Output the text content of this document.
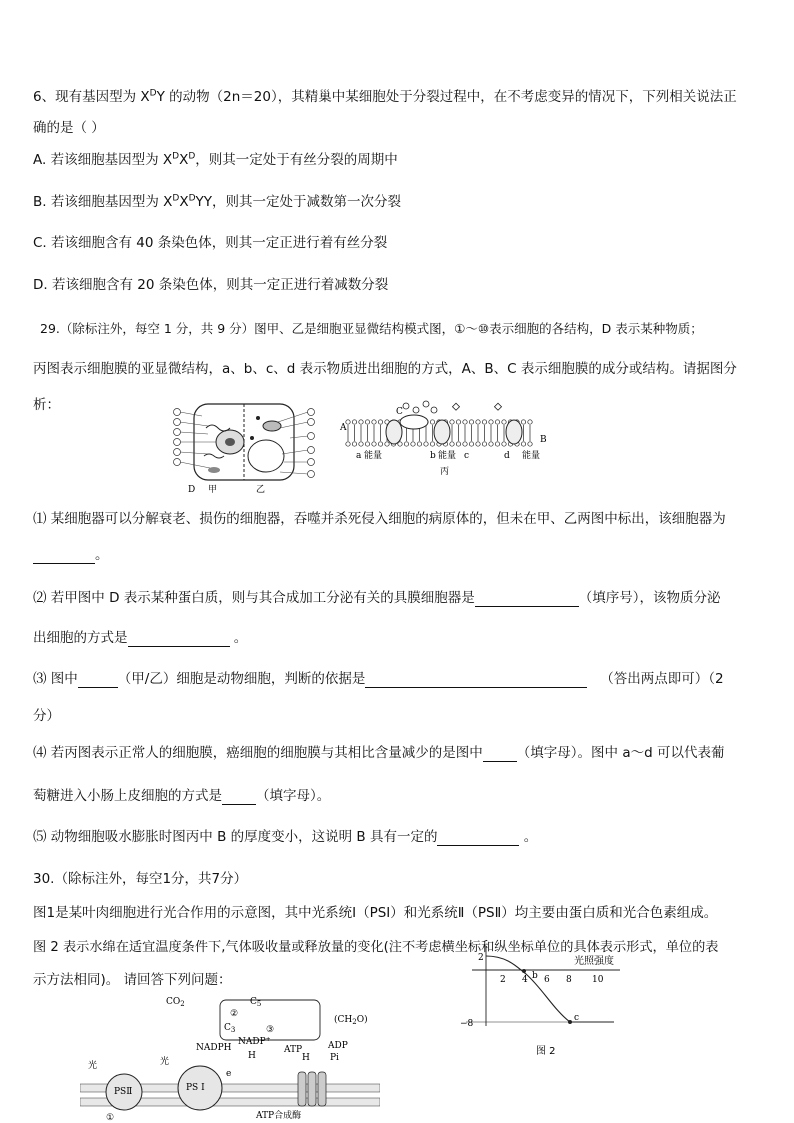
6、现有基因型为 $X^DY$ 的动物（2n＝20），其精巢中某细胞处于分裂过程中，在不考虑变异的情况下，下列相关说法正
确的是（ ）
A. 若该细胞基因型为 $X^DX^D$，则其一定处于有丝分裂的周期中
B. 若该细胞基因型为 $X^DX^DYY$，则其一定处于减数第一次分裂
C. 若该细胞含有 40 条染色体，则其一定正进行着有丝分裂
D. 若该细胞含有 20 条染色体，则其一定正进行着减数分裂
29.（除标注外，每空 1 分，共 9 分）图甲、乙是细胞亚显微结构模式图，①～⑩表示细胞的各结构，D 表示某种物质；
丙图表示细胞膜的亚显微结构，a、b、c、d 表示物质进出细胞的方式，A、B、C 表示细胞膜的成分或结构。请据图分
析：
D 甲	乙
A
C
B
a	b	c	d
能量	能量	能量
丙
⑴ 某细胞器可以分解衰老、损伤的细胞器，吞噬并杀死侵入细胞的病原体的，但未在甲、乙两图中标出，该细胞器为
。
⑵ 若甲图中 D 表示某种蛋白质，则与其合成加工分泌有关的具膜细胞器是	（填序号），该物质分泌
出细胞的方式是	。
⑶ 图中	（甲/乙）细胞是动物细胞，判断的依据是	（答出两点即可）（2
分）
⑷ 若丙图表示正常人的细胞膜，癌细胞的细胞膜与其相比含量减少的是图中	（填字母）。图中 a～d 可以代表葡
萄糖进入小肠上皮细胞的方式是	（填字母）。
⑸ 动物细胞吸水膨胀时图丙中 B 的厚度变小，这说明 B 具有一定的	。
30.（除标注外，每空1分，共7分）
图1是某叶肉细胞进行光合作用的示意图，其中光系统Ⅰ（PSI）和光系统Ⅱ（PSⅡ）均主要由蛋白质和光合色素组成。
图 2 表示水绵在适宜温度条件下,气体吸收量或释放量的变化(注不考虑横坐标和纵坐标单位的具体表示形式，单位的表
示方法相同)。 请回答下列问题：
2
−8
光照强度
b
c
2 4 6 8 10
图 2
$CO_2$	$C_5$
$C_3$
$(CH_2O)$
②
③
NADPH
NADP+
ATP	ADP
Pi
H	H
e
光	光
PSⅡ	PS Ⅰ
ATP合成酶
①
